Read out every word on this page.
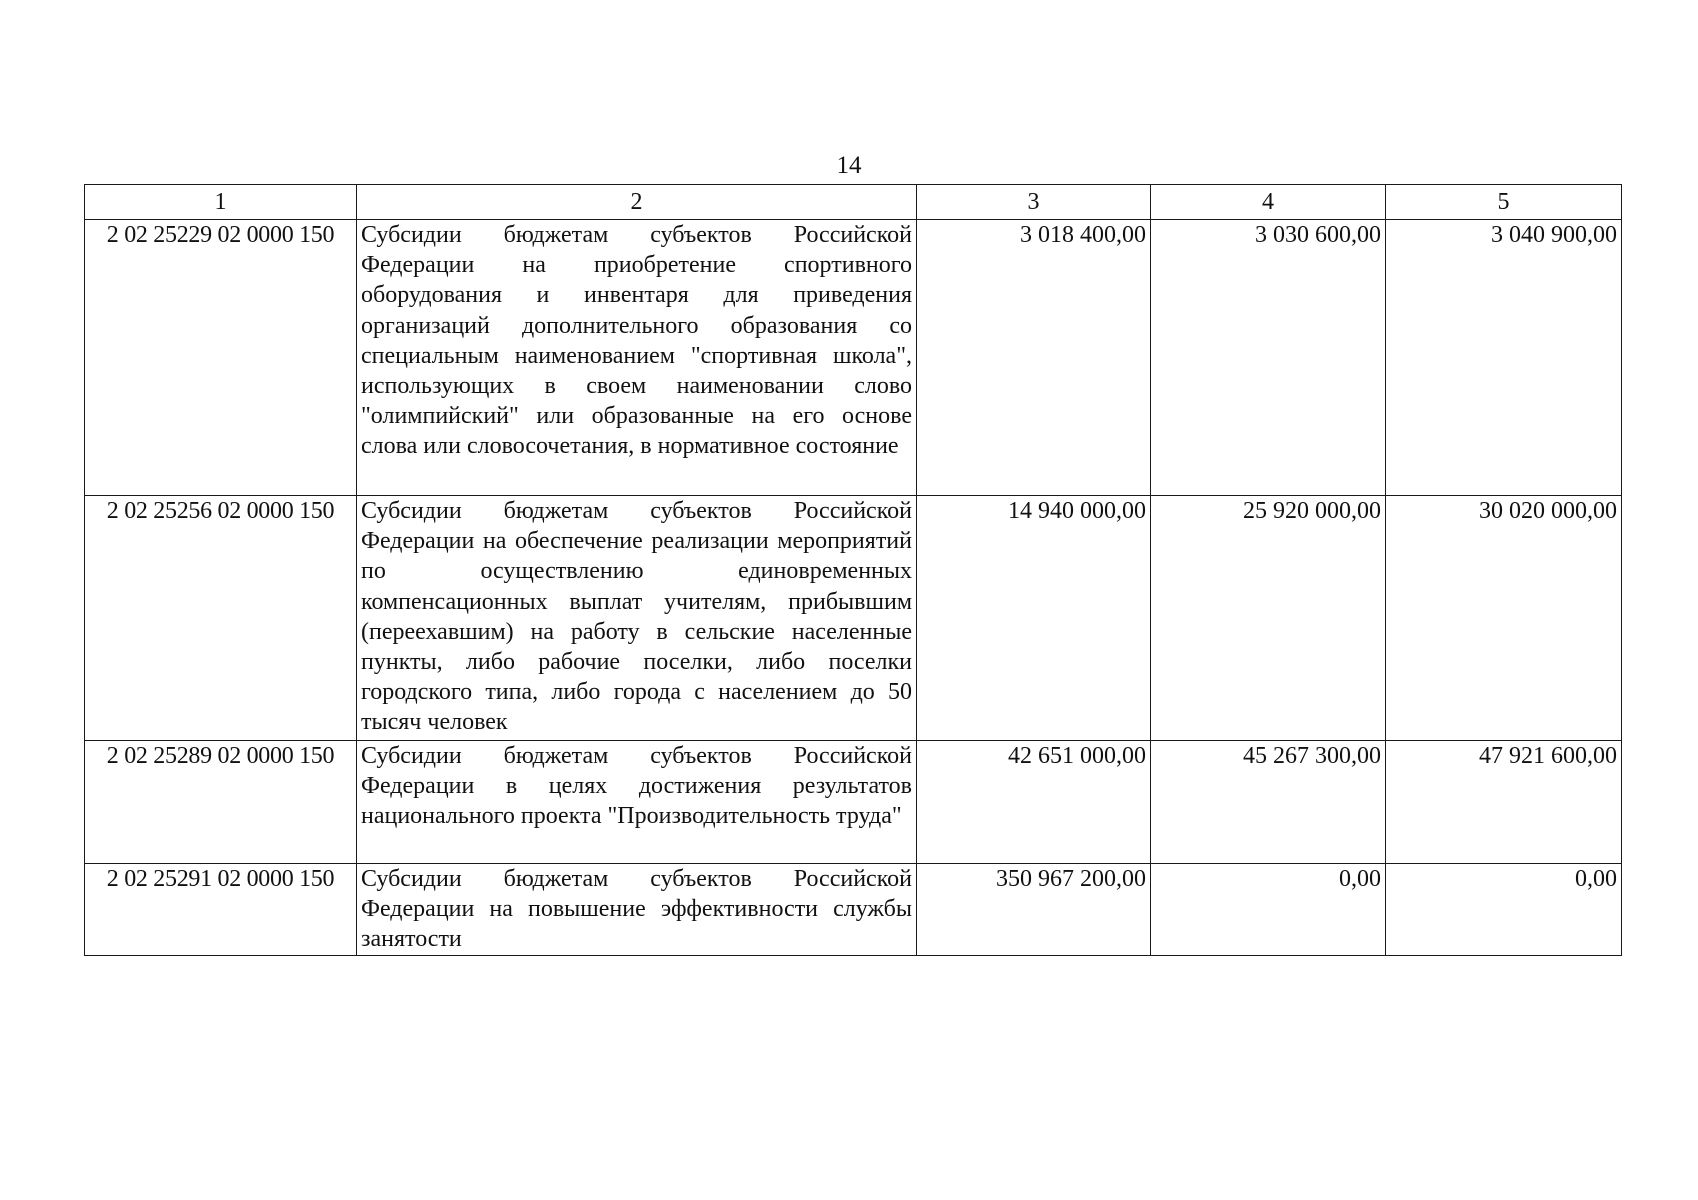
14
1	2	3	4	5
2 02 25229 02 0000 150	Субсидии бюджетам субъектов Российской Федерации на приобретение спортивного оборудования и инвентаря для приведения организаций дополнительного образования со специальным наименованием "спортивная школа", использующих в своем наименовании слово "олимпийский" или образованные на его основе слова или словосочетания, в нормативное состояние	3 018 400,00	3 030 600,00	3 040 900,00
2 02 25256 02 0000 150	Субсидии бюджетам субъектов Российской Федерации на обеспечение реализации мероприятий по осуществлению единовременных компенсационных выплат учителям, прибывшим (переехавшим) на работу в сельские населенные пункты, либо рабочие поселки, либо поселки городского типа, либо города с населением до 50 тысяч человек	14 940 000,00	25 920 000,00	30 020 000,00
2 02 25289 02 0000 150	Субсидии бюджетам субъектов Российской Федерации в целях достижения результатов национального проекта "Производительность труда"	42 651 000,00	45 267 300,00	47 921 600,00
2 02 25291 02 0000 150	Субсидии бюджетам субъектов Российской Федерации на повышение эффективности службы занятости	350 967 200,00	0,00	0,00
